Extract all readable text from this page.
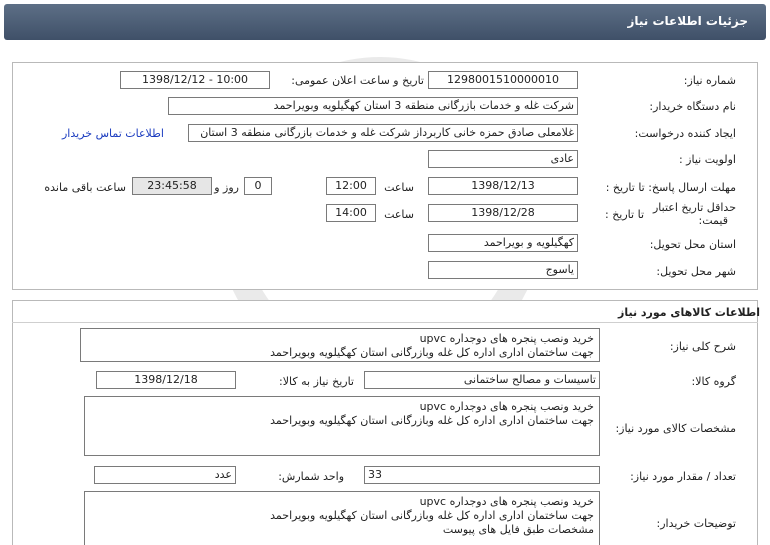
جزئیات اطلاعات نیاز
شماره نیاز:
1298001510000010
تاریخ و ساعت اعلان عمومی:
1398/12/12 - 10:00
نام دستگاه خریدار:
شرکت غله و خدمات بازرگانی منطقه 3 استان کهگیلویه وبویراحمد
ایجاد کننده درخواست:
غلامعلی صادق حمزه خانی کاربرداز شرکت غله و خدمات بازرگانی منطقه 3 استان
اطلاعات تماس خریدار
اولویت نیاز :
عادی
مهلت ارسال پاسخ: تا تاریخ :
1398/12/13
ساعت
12:00
0
روز و
23:45:58
ساعت باقی مانده
حداقل تاریخ اعتبار
قیمت:
تا تاریخ :
1398/12/28
ساعت
14:00
استان محل تحویل:
کهگیلویه و بویراحمد
شهر محل تحویل:
یاسوج
اطلاعات کالاهای مورد نیاز
شرح کلی نیاز:
خرید ونصب پنجره های دوجداره upvc
جهت ساختمان اداری اداره کل غله وبازرگانی استان کهگیلویه وبویراحمد
گروه کالا:
تاسیسات و مصالح ساختمانی
تاریخ نیاز به کالا:
1398/12/18
مشخصات کالای مورد نیاز:
خرید ونصب پنجره های دوجداره upvc
جهت ساختمان اداری اداره کل غله وبازرگانی استان کهگیلویه وبویراحمد
تعداد / مقدار مورد نیاز:
33
واحد شمارش:
عدد
توضیحات خریدار:
خرید ونصب پنجره های دوجداره upvc
جهت ساختمان اداری اداره کل غله وبازرگانی استان کهگیلویه وبویراحمد
مشخصات طبق فایل های پیوست
